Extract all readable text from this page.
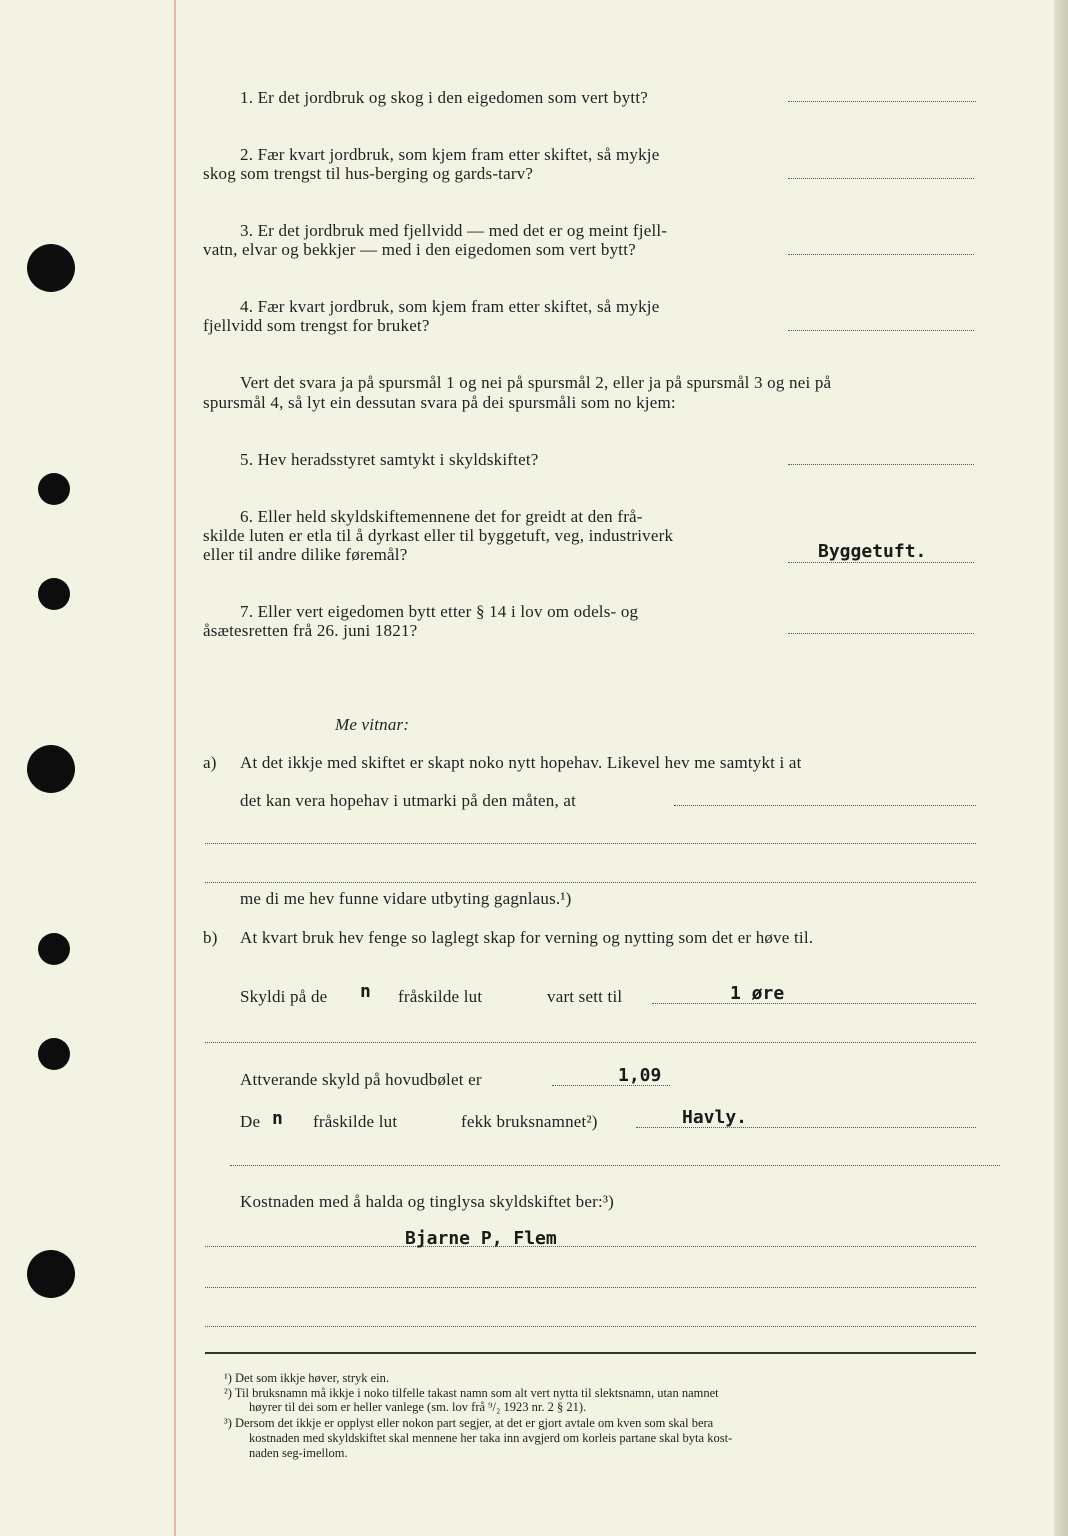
1. Er det jordbruk og skog i den eigedomen som vert bytt?
2. Fær kvart jordbruk, som kjem fram etter skiftet, så mykje
skog som trengst til hus-berging og gards-tarv?
3. Er det jordbruk med fjellvidd — med det er og meint fjell-
vatn, elvar og bekkjer — med i den eigedomen som vert bytt?
4. Fær kvart jordbruk, som kjem fram etter skiftet, så mykje
fjellvidd som trengst for bruket?
Vert det svara ja på spursmål 1 og nei på spursmål 2, eller ja på spursmål 3 og nei på
spursmål 4, så lyt ein dessutan svara på dei spursmåli som no kjem:
5. Hev heradsstyret samtykt i skyldskiftet?
6. Eller held skyldskiftemennene det for greidt at den frå-
skilde luten er etla til å dyrkast eller til byggetuft, veg, industriverk
eller til andre dilike føremål?	Byggetuft.
7. Eller vert eigedomen bytt etter § 14 i lov om odels- og
åsætesretten frå 26. juni 1821?
Me vitnar:
a) At det ikkje med skiftet er skapt noko nytt hopehav. Likevel hev me samtykt i at
det kan vera hopehav i utmarki på den måten, at
me di me hev funne vidare utbyting gagnlaus.¹)
b) At kvart bruk hev fenge so laglegt skap for verning og nytting som det er høve til.
Skyldi på de n fråskilde lut	vart sett til	1 øre
Attverande skyld på hovudbølet er	1,09
De n fråskilde lut	fekk bruksnamnet²)	Havly.
Kostnaden med å halda og tinglysa skyldskiftet ber:³)
Bjarne P, Flem
¹) Det som ikkje høver, stryk ein.
²) Til bruksnamn må ikkje i noko tilfelle takast namn som alt vert nytta til slektsnamn, utan namnet
høyrer til dei som er heller vanlege (sm. lov frå ⁹/₂ 1923 nr. 2 § 21).
³) Dersom det ikkje er opplyst eller nokon part segjer, at det er gjort avtale om kven som skal bera
kostnaden med skyldskiftet skal mennene her taka inn avgjerd om korleis partane skal byta kost-
naden seg-imellom.
